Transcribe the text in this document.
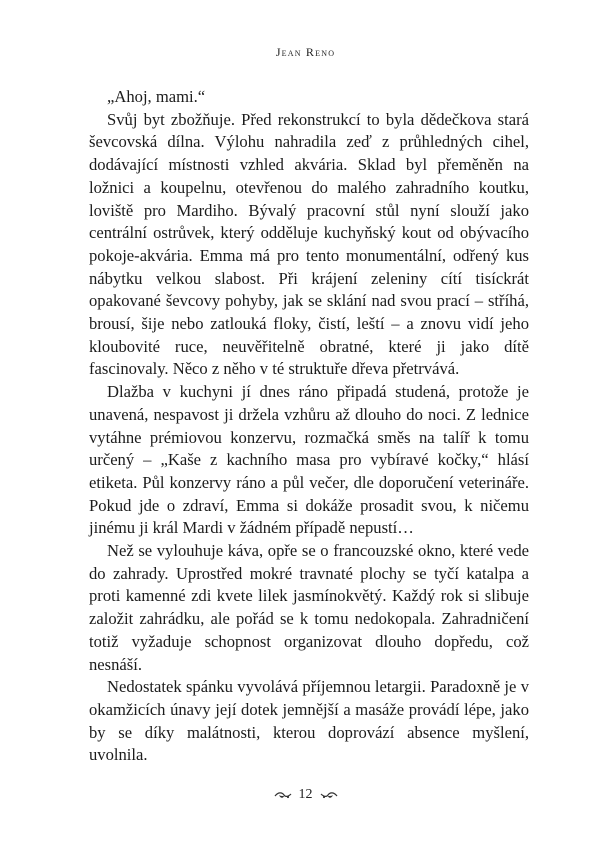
Jean Reno

„Ahoj, mami.“

Svůj byt zbožňuje. Před rekonstrukcí to byla dědečkova stará ševcovská dílna. Výlohu nahradila zeď z průhledných cihel, dodávající místnosti vzhled akvária. Sklad byl přeměněn na ložnici a koupelnu, otevřenou do malého zahradního koutku, loviště pro Mardiho. Bývalý pracovní stůl nyní slouží jako centrální ostrůvek, který odděluje kuchyňský kout od obývacího pokoje-akvária. Emma má pro tento monumentální, odřený kus nábytku velkou slabost. Při krájení zeleniny cítí tisíckrát opakované ševcovy pohyby, jak se sklání nad svou prací – stříhá, brousí, šije nebo zatlouká floky, čistí, leští – a znovu vidí jeho kloubovité ruce, neuvěřitelně obratné, které ji jako dítě fascinovaly. Něco z něho v té struktuře dřeva přetrvává.

Dlažba v kuchyni jí dnes ráno připadá studená, protože je unavená, nespavost ji držela vzhůru až dlouho do noci. Z lednice vytáhne prémiovou konzervu, rozmačká směs na talíř k tomu určený – „Kaše z kachního masa pro vybíravé kočky,“ hlásí etiketa. Půl konzervy ráno a půl večer, dle doporučení veterináře. Pokud jde o zdraví, Emma si dokáže prosadit svou, k ničemu jinému ji král Mardi v žádném případě nepustí…

Než se vylouhuje káva, opře se o francouzské okno, které vede do zahrady. Uprostřed mokré travnaté plochy se tyčí katalpa a proti kamenné zdi kvete lilek jasmínokvětý. Každý rok si slibuje založit zahrádku, ale pořád se k tomu nedokopala. Zahradničení totiž vyžaduje schopnost organizovat dlouho dopředu, což nesnáší.

Nedostatek spánku vyvolává příjemnou letargii. Paradoxně je v okamžicích únavy její dotek jemnější a masáže provádí lépe, jako by se díky malátnosti, kterou doprovází absence myšlení, uvolnila.

12
